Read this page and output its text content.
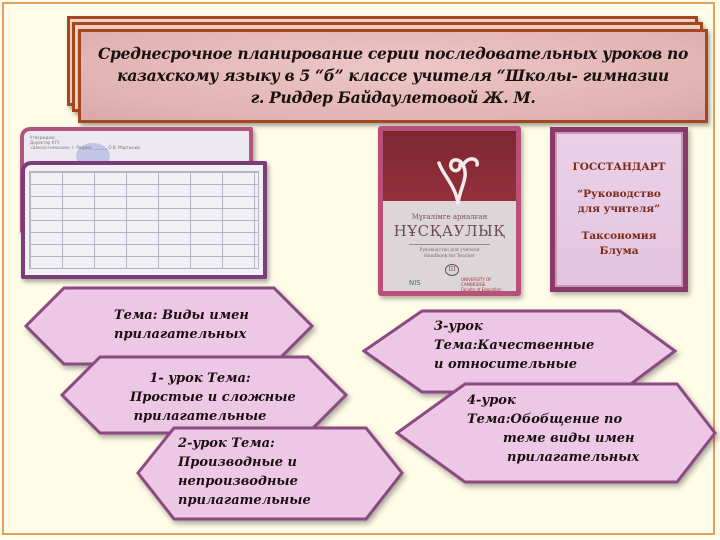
Среднесрочное планирование серии последовательных уроков по
казахскому языку в 5 “б” классе учителя “Школы- гимназии
г. Риддер Байдаулетовой Ж. М.
Утверждаю:
Директор КГУ
«Школа-гимназия» г. Риддер _______ О.В. Мартынюк
Мұғалімге арналған
НҰСҚАУЛЫҚ
Руководство для учителя
Handbook for Teacher
III
NIS	UNIVERSITY OF
CAMBRIDGE
Faculty of Education
ГОССТАНДАРТ
“Руководство
для учителя”
Таксономия
Блума
Тема: Виды имен
прилагательных
1- урок Тема:
Простые и сложные
прилагательные
2-урок Тема:
Производные и
непроизводные
прилагательные
3-урок
Тема:Качественные
и относительные
4-урок
Тема:Обобщение по
теме виды имен
прилагательных
